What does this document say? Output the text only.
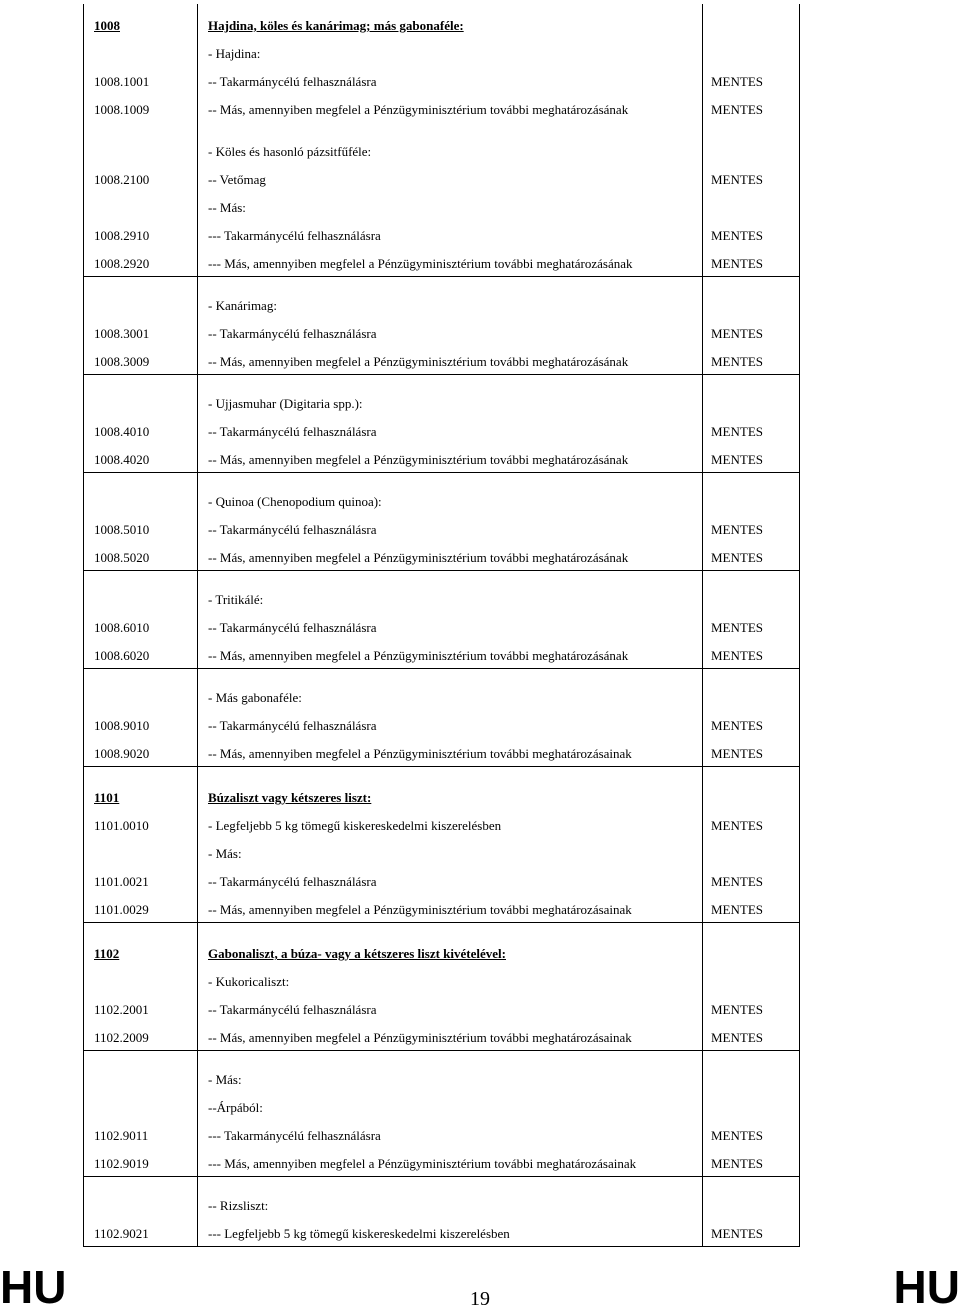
1008	Hajdina, köles és kanárimag; más gabonaféle:	
	- Hajdina:	
1008.1001	-- Takarmánycélú felhasználásra	MENTES
1008.1009	-- Más, amennyiben megfelel a Pénzügyminisztérium további meghatározásának	MENTES
	- Köles és hasonló pázsitfűféle:	
1008.2100	-- Vetőmag	MENTES
	-- Más:	
1008.2910	--- Takarmánycélú felhasználásra	MENTES
1008.2920	--- Más, amennyiben megfelel a Pénzügyminisztérium további meghatározásának	MENTES
	- Kanárimag:	
1008.3001	-- Takarmánycélú felhasználásra	MENTES
1008.3009	-- Más, amennyiben megfelel a Pénzügyminisztérium további meghatározásának	MENTES
	- Ujjasmuhar (Digitaria spp.):	
1008.4010	-- Takarmánycélú felhasználásra	MENTES
1008.4020	-- Más, amennyiben megfelel a Pénzügyminisztérium további meghatározásának	MENTES
	- Quinoa (Chenopodium quinoa):	
1008.5010	-- Takarmánycélú felhasználásra	MENTES
1008.5020	-- Más, amennyiben megfelel a Pénzügyminisztérium további meghatározásának	MENTES
	- Tritikálé:	
1008.6010	-- Takarmánycélú felhasználásra	MENTES
1008.6020	-- Más, amennyiben megfelel a Pénzügyminisztérium további meghatározásának	MENTES
	- Más gabonaféle:	
1008.9010	-- Takarmánycélú felhasználásra	MENTES
1008.9020	-- Más, amennyiben megfelel a Pénzügyminisztérium további meghatározásainak	MENTES
1101	Búzaliszt vagy kétszeres liszt:	
1101.0010	- Legfeljebb 5 kg tömegű kiskereskedelmi kiszerelésben	MENTES
	- Más:	
1101.0021	-- Takarmánycélú felhasználásra	MENTES
1101.0029	-- Más, amennyiben megfelel a Pénzügyminisztérium további meghatározásainak	MENTES
1102	Gabonaliszt, a búza- vagy a kétszeres liszt kivételével:	
	- Kukoricaliszt:	
1102.2001	-- Takarmánycélú felhasználásra	MENTES
1102.2009	-- Más, amennyiben megfelel a Pénzügyminisztérium további meghatározásainak	MENTES
	- Más:	
	--Árpából:	
1102.9011	--- Takarmánycélú felhasználásra	MENTES
1102.9019	--- Más, amennyiben megfelel a Pénzügyminisztérium további meghatározásainak	MENTES
	-- Rizsliszt:	
1102.9021	--- Legfeljebb 5 kg tömegű kiskereskedelmi kiszerelésben	MENTES
HU	19	HU
